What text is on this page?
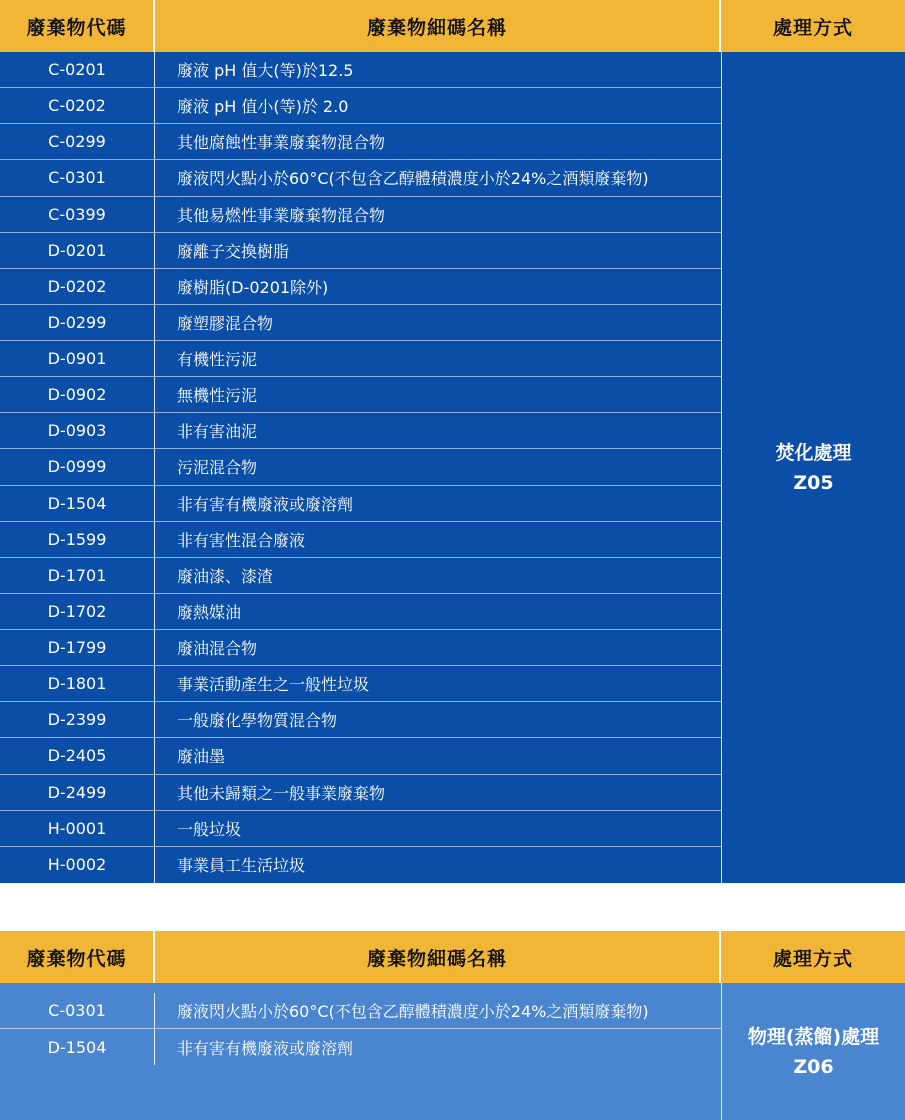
廢棄物代碼	廢棄物細碼名稱	處理方式
C-0201	廢液 pH 值大(等)於12.5
C-0202	廢液 pH 值小(等)於 2.0
C-0299	其他腐蝕性事業廢棄物混合物
C-0301	廢液閃火點小於60°C(不包含乙醇體積濃度小於24%之酒類廢棄物)
C-0399	其他易燃性事業廢棄物混合物
D-0201	廢離子交換樹脂
D-0202	廢樹脂(D-0201除外)
D-0299	廢塑膠混合物
D-0901	有機性污泥
D-0902	無機性污泥
D-0903	非有害油泥
D-0999	污泥混合物
D-1504	非有害有機廢液或廢溶劑
D-1599	非有害性混合廢液
D-1701	廢油漆、漆渣
D-1702	廢熱媒油
D-1799	廢油混合物
D-1801	事業活動產生之一般性垃圾
D-2399	一般廢化學物質混合物
D-2405	廢油墨
D-2499	其他未歸類之一般事業廢棄物
H-0001	一般垃圾
H-0002	事業員工生活垃圾
焚化處理
Z05
廢棄物代碼	廢棄物細碼名稱	處理方式
C-0301	廢液閃火點小於60°C(不包含乙醇體積濃度小於24%之酒類廢棄物)
D-1504	非有害有機廢液或廢溶劑
物理(蒸餾)處理
Z06
